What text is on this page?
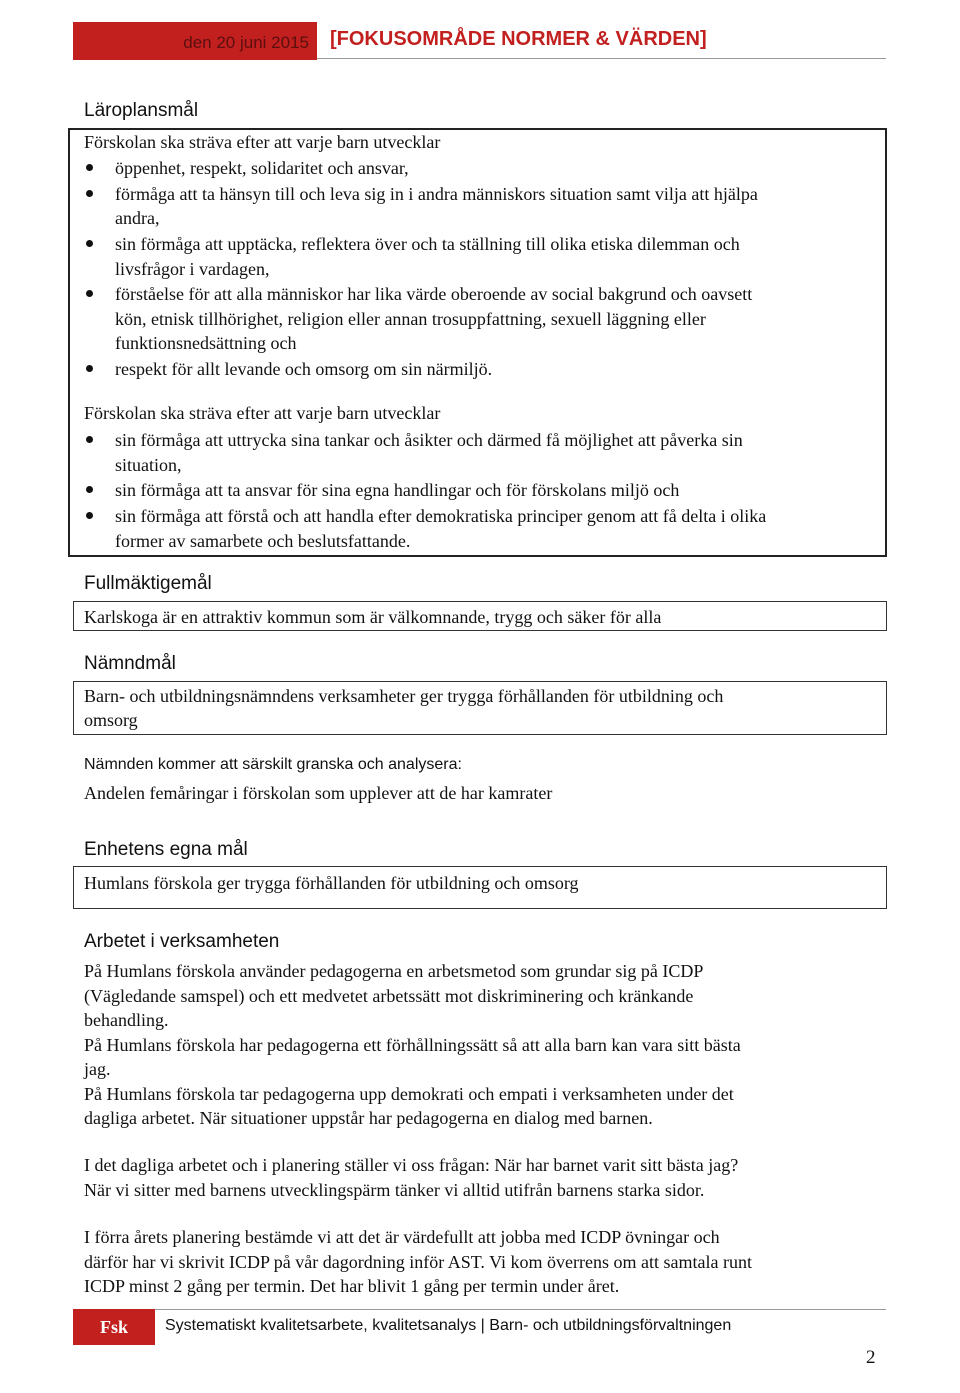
den 20 juni 2015	[FOKUSOMRÅDE NORMER & VÄRDEN]
Läroplansmål
Förskolan ska sträva efter att varje barn utvecklar
öppenhet, respekt, solidaritet och ansvar,
förmåga att ta hänsyn till och leva sig in i andra människors situation samt vilja att hjälpa
andra,
sin förmåga att upptäcka, reflektera över och ta ställning till olika etiska dilemman och
livsfrågor i vardagen,
förståelse för att alla människor har lika värde oberoende av social bakgrund och oavsett
kön, etnisk tillhörighet, religion eller annan trosuppfattning, sexuell läggning eller
funktionsnedsättning och
respekt för allt levande och omsorg om sin närmiljö.
Förskolan ska sträva efter att varje barn utvecklar
sin förmåga att uttrycka sina tankar och åsikter och därmed få möjlighet att påverka sin
situation,
sin förmåga att ta ansvar för sina egna handlingar och för förskolans miljö och
sin förmåga att förstå och att handla efter demokratiska principer genom att få delta i olika
former av samarbete och beslutsfattande.
Fullmäktigemål
Karlskoga är en attraktiv kommun som är välkomnande, trygg och säker för alla
Nämndmål
Barn- och utbildningsnämndens verksamheter ger trygga förhållanden för utbildning och
omsorg
Nämnden kommer att särskilt granska och analysera:
Andelen femåringar i förskolan som upplever att de har kamrater
Enhetens egna mål
Humlans förskola ger trygga förhållanden för utbildning och omsorg
Arbetet i verksamheten
På Humlans förskola använder pedagogerna en arbetsmetod som grundar sig på ICDP
(Vägledande samspel) och ett medvetet arbetssätt mot diskriminering och kränkande
behandling.
På Humlans förskola har pedagogerna ett förhållningssätt så att alla barn kan vara sitt bästa
jag.
På Humlans förskola tar pedagogerna upp demokrati och empati i verksamheten under det
dagliga arbetet. När situationer uppstår har pedagogerna en dialog med barnen.
I det dagliga arbetet och i planering ställer vi oss frågan: När har barnet varit sitt bästa jag?
När vi sitter med barnens utvecklingspärm tänker vi alltid utifrån barnens starka sidor.
I förra årets planering bestämde vi att det är värdefullt att jobba med ICDP övningar och
därför har vi skrivit ICDP på vår dagordning inför AST. Vi kom överrens om att samtala runt
ICDP minst 2 gång per termin. Det har blivit 1 gång per termin under året.
Fsk	Systematiskt kvalitetsarbete, kvalitetsanalys | Barn- och utbildningsförvaltningen
2
